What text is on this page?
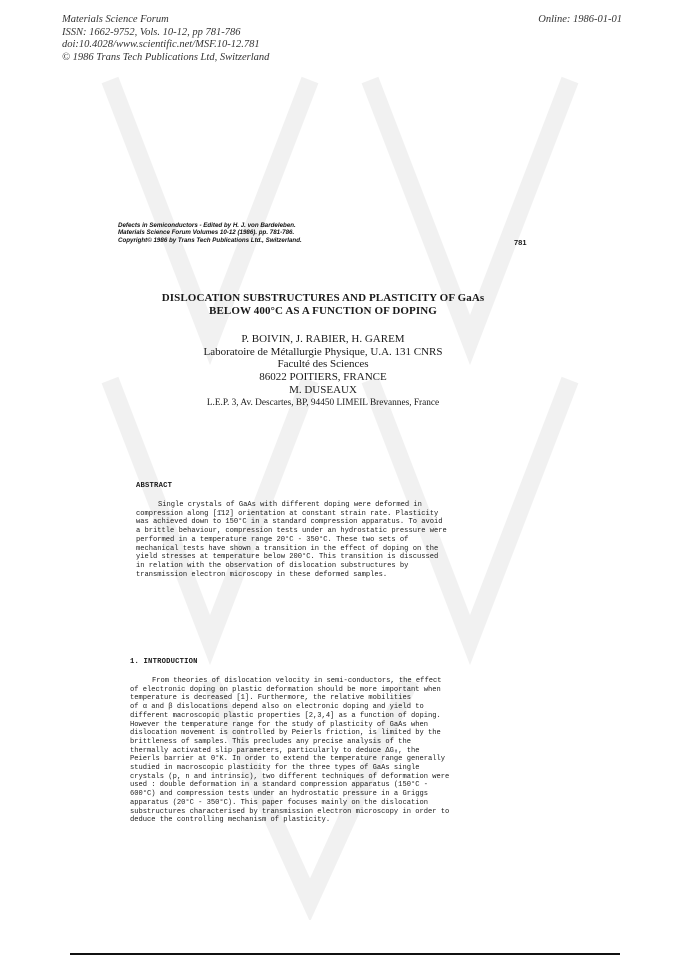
Materials Science Forum
ISSN: 1662-9752, Vols. 10-12, pp 781-786
doi:10.4028/www.scientific.net/MSF.10-12.781
© 1986 Trans Tech Publications Ltd, Switzerland
Online: 1986-01-01
Defects in Semiconductors - Edited by H. J. von Bardeleben.
Materials Science Forum Volumes 10-12 (1986). pp. 781-786.
Copyright© 1986 by Trans Tech Publications Ltd., Switzerland.	781
DISLOCATION SUBSTRUCTURES AND PLASTICITY OF GaAs
BELOW 400°C AS A FUNCTION OF DOPING
P. BOIVIN, J. RABIER, H. GAREM
Laboratoire de Métallurgie Physique, U.A. 131 CNRS
Faculté des Sciences
86022 POITIERS, FRANCE
M. DUSEAUX
L.E.P. 3, Av. Descartes, BP, 94450 LIMEIL Brevannes, France
ABSTRACT
Single crystals of GaAs with different doping were deformed in
compression along [1̄12] orientation at constant strain rate. Plasticity
was achieved down to 150°C in a standard compression apparatus. To avoid
a brittle behaviour, compression tests under an hydrostatic pressure were
performed in a temperature range 20°C - 350°C. These two sets of
mechanical tests have shown a transition in the effect of doping on the
yield stresses at temperature below 200°C. This transition is discussed
in relation with the observation of dislocation substructures by
transmission electron microscopy in these deformed samples.
1. INTRODUCTION
From theories of dislocation velocity in semi-conductors, the effect
of electronic doping on plastic deformation should be more important when
temperature is decreased [1]. Furthermore, the relative mobilities
of α and β dislocations depend also on electronic doping and yield to
different macroscopic plastic properties [2,3,4] as a function of doping.
However the temperature range for the study of plasticity of GaAs when
dislocation movement is controlled by Peierls friction, is limited by the
brittleness of samples. This precludes any precise analysis of the
thermally activated slip parameters, particularly to deduce ΔG₀, the
Peierls barrier at 0°K. In order to extend the temperature range generally
studied in macroscopic plasticity for the three types of GaAs single
crystals (p, n and intrinsic), two different techniques of deformation were
used : double deformation in a standard compression apparatus (150°C -
600°C) and compression tests under an hydrostatic pressure in a Griggs
apparatus (20°C - 350°C). This paper focuses mainly on the dislocation
substructures characterised by transmission electron microscopy in order to
deduce the controlling mechanism of plasticity.
